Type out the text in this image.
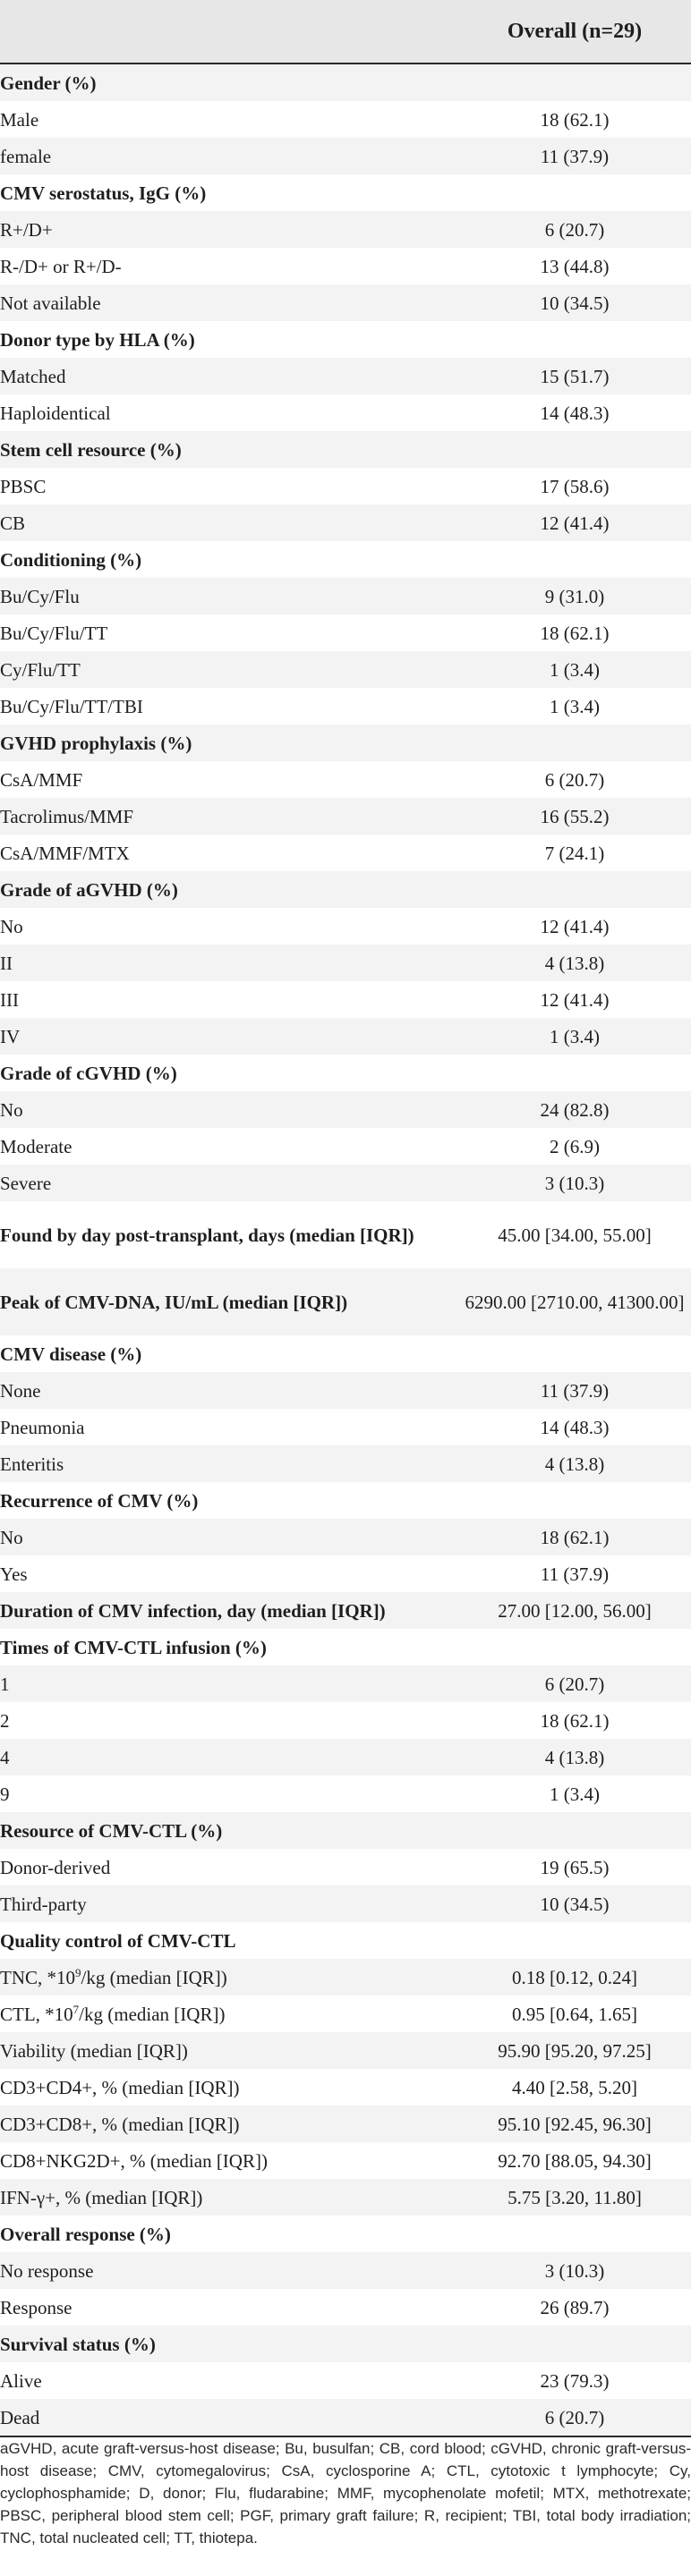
	Overall (n=29)
Gender (%)	
Male	18 (62.1)
female	11 (37.9)
CMV serostatus, IgG (%)	
R+/D+	6 (20.7)
R-/D+ or R+/D-	13 (44.8)
Not available	10 (34.5)
Donor type by HLA (%)	
Matched	15 (51.7)
Haploidentical	14 (48.3)
Stem cell resource (%)	
PBSC	17 (58.6)
CB	12 (41.4)
Conditioning (%)	
Bu/Cy/Flu	9 (31.0)
Bu/Cy/Flu/TT	18 (62.1)
Cy/Flu/TT	1 (3.4)
Bu/Cy/Flu/TT/TBI	1 (3.4)
GVHD prophylaxis (%)	
CsA/MMF	6 (20.7)
Tacrolimus/MMF	16 (55.2)
CsA/MMF/MTX	7 (24.1)
Grade of aGVHD (%)	
No	12 (41.4)
II	4 (13.8)
III	12 (41.4)
IV	1 (3.4)
Grade of cGVHD (%)	
No	24 (82.8)
Moderate	2 (6.9)
Severe	3 (10.3)
Found by day post-transplant, days (median [IQR])	45.00 [34.00, 55.00]
Peak of CMV-DNA, IU/mL (median [IQR])	6290.00 [2710.00, 41300.00]
CMV disease (%)	
None	11 (37.9)
Pneumonia	14 (48.3)
Enteritis	4 (13.8)
Recurrence of CMV (%)	
No	18 (62.1)
Yes	11 (37.9)
Duration of CMV infection, day (median [IQR])	27.00 [12.00, 56.00]
Times of CMV-CTL infusion (%)	
1	6 (20.7)
2	18 (62.1)
4	4 (13.8)
9	1 (3.4)
Resource of CMV-CTL (%)	
Donor-derived	19 (65.5)
Third-party	10 (34.5)
Quality control of CMV-CTL	
TNC, $*10^9/kg$ (median [IQR])	0.18 [0.12, 0.24]
CTL, $*10^7/kg$ (median [IQR])	0.95 [0.64, 1.65]
Viability (median [IQR])	95.90 [95.20, 97.25]
CD3+CD4+, % (median [IQR])	4.40 [2.58, 5.20]
CD3+CD8+, % (median [IQR])	95.10 [92.45, 96.30]
CD8+NKG2D+, % (median [IQR])	92.70 [88.05, 94.30]
IFN-γ+, % (median [IQR])	5.75 [3.20, 11.80]
Overall response (%)	
No response	3 (10.3)
Response	26 (89.7)
Survival status (%)	
Alive	23 (79.3)
Dead	6 (20.7)
aGVHD, acute graft-versus-host disease; Bu, busulfan; CB, cord blood; cGVHD, chronic graft-versus-host disease; CMV, cytomegalovirus; CsA, cyclosporine A; CTL, cytotoxic t lymphocyte; Cy, cyclophosphamide; D, donor; Flu, fludarabine; MMF, mycophenolate mofetil; MTX, methotrexate; PBSC, peripheral blood stem cell; PGF, primary graft failure; R, recipient; TBI, total body irradiation; TNC, total nucleated cell; TT, thiotepa.
